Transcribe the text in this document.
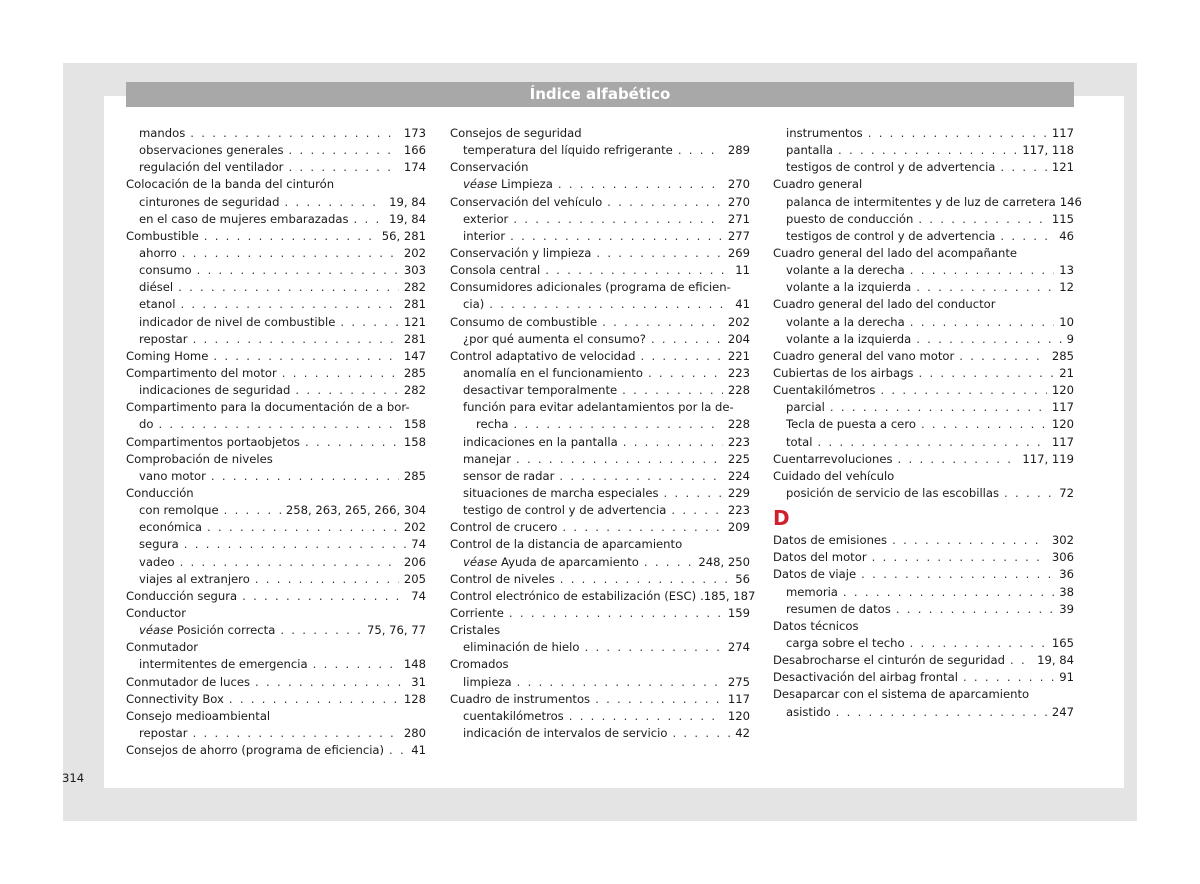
Índice alfabético
mandos . . .	173
observaciones generales . . .	166
regulación del ventilador . . .	174
Colocación de la banda del cinturón
cinturones de seguridad . . .	19, 84
en el caso de mujeres embarazadas . . .	19, 84
Combustible . . .	56, 281
ahorro . . .	202
consumo . . .	303
diésel . . .	282
etanol . . .	281
indicador de nivel de combustible . . .	121
repostar . . .	281
Coming Home . . .	147
Compartimento del motor . . .	285
indicaciones de seguridad . . .	282
Compartimento para la documentación de a bor-
do . . .	158
Compartimentos portaobjetos . . .	158
Comprobación de niveles
vano motor . . .	285
Conducción
con remolque . . .	258, 263, 265, 266, 304
económica . . .	202
segura . . .	74
vadeo . . .	206
viajes al extranjero . . .	205
Conducción segura . . .	74
Conductor
véase Posición correcta . . .	75, 76, 77
Conmutador
intermitentes de emergencia . . .	148
Conmutador de luces . . .	31
Connectivity Box . . .	128
Consejo medioambiental
repostar . . .	280
Consejos de ahorro (programa de eficiencia) . . . 41
Consejos de seguridad
temperatura del líquido refrigerante . . .	289
Conservación
véase Limpieza . . .	270
Conservación del vehículo . . .	270
exterior . . .	271
interior . . .	277
Conservación y limpieza . . .	269
Consola central . . .	11
Consumidores adicionales (programa de eficien-
cia) . . .	41
Consumo de combustible . . .	202
¿por qué aumenta el consumo? . . .	204
Control adaptativo de velocidad . . .	221
anomalía en el funcionamiento . . .	223
desactivar temporalmente . . .	228
función para evitar adelantamientos por la de-
recha . . .	228
indicaciones en la pantalla . . .	223
manejar . . .	225
sensor de radar . . .	224
situaciones de marcha especiales . . .	229
testigo de control y de advertencia . . .	223
Control de crucero . . .	209
Control de la distancia de aparcamiento
véase Ayuda de aparcamiento . . .	248, 250
Control de niveles . . .	56
Control electrónico de estabilización (ESC) .185, 187
Corriente . . .	159
Cristales
eliminación de hielo . . .	274
Cromados
limpieza . . .	275
Cuadro de instrumentos . . .	117
cuentakilómetros . . .	120
indicación de intervalos de servicio . . .	42
instrumentos . . .	117
pantalla . . .	117, 118
testigos de control y de advertencia . . .	121
Cuadro general
palanca de intermitentes y de luz de carretera 146
puesto de conducción . . .	115
testigos de control y de advertencia . . .	46
Cuadro general del lado del acompañante
volante a la derecha . . .	13
volante a la izquierda . . .	12
Cuadro general del lado del conductor
volante a la derecha . . .	10
volante a la izquierda . . .	9
Cuadro general del vano motor . . .	285
Cubiertas de los airbags . . .	21
Cuentakilómetros . . .	120
parcial . . .	117
Tecla de puesta a cero . . .	120
total . . .	117
Cuentarrevoluciones . . .	117, 119
Cuidado del vehículo
posición de servicio de las escobillas . . .	72
D
Datos de emisiones . . .	302
Datos del motor . . .	306
Datos de viaje . . .	36
memoria . . .	38
resumen de datos . . .	39
Datos técnicos
carga sobre el techo . . .	165
Desabrocharse el cinturón de seguridad . . .	19, 84
Desactivación del airbag frontal . . .	91
Desaparcar con el sistema de aparcamiento
asistido . . .	247
314
